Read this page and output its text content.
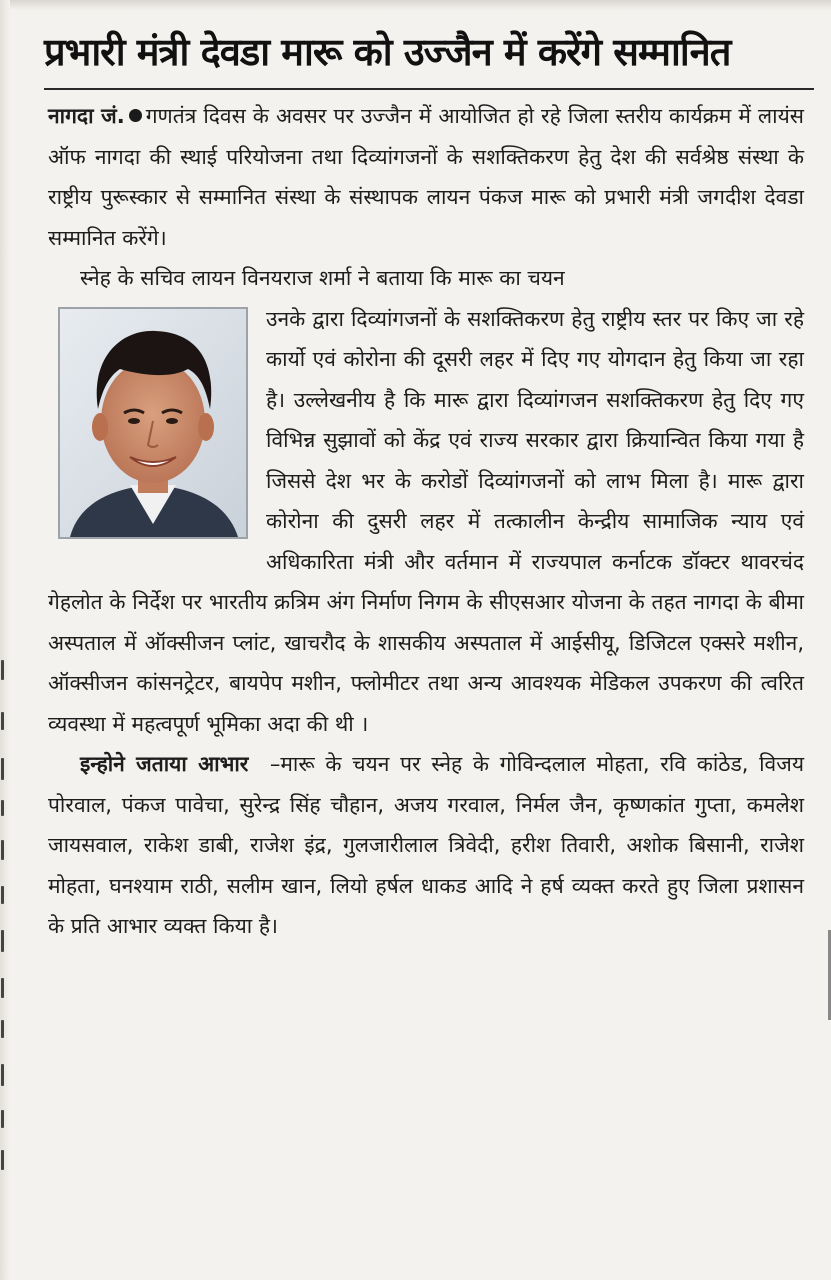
प्रभारी मंत्री देवडा मारू को उज्जैन में करेंगे सम्मानित

नागदा जं. गणतंत्र दिवस के अवसर पर उज्जैन में आयोजित हो रहे जिला स्तरीय कार्यक्रम में लायंस ऑफ नागदा की स्थाई परियोजना तथा दिव्यांगजनों के सशक्तिकरण हेतु देश की सर्वश्रेष्ठ संस्था के राष्ट्रीय पुरूस्कार से सम्मानित संस्था के संस्थापक लायन पंकज मारू को प्रभारी मंत्री जगदीश देवडा सम्मानित करेंगे।

स्नेह के सचिव लायन विनयराज शर्मा ने बताया कि मारू का चयन

उनके द्वारा दिव्यांगजनों के सशक्तिकरण हेतु राष्ट्रीय स्तर पर किए जा रहे कार्यो एवं कोरोना की दूसरी लहर में दिए गए योगदान हेतु किया जा रहा है। उल्लेखनीय है कि मारू द्वारा दिव्यांगजन सशक्तिकरण हेतु दिए गए विभिन्न सुझावों को केंद्र एवं राज्य सरकार द्वारा क्रियान्वित किया गया है जिससे देश भर के करोडों दिव्यांगजनों को लाभ मिला है। मारू द्वारा कोरोना की दुसरी लहर में तत्कालीन केन्द्रीय सामाजिक न्याय एवं अधिकारिता मंत्री और वर्तमान में राज्यपाल कर्नाटक डॉक्टर थावरचंद गेहलोत के निर्देश पर भारतीय क्रत्रिम अंग निर्माण निगम के सीएसआर योजना के तहत नागदा के बीमा अस्पताल में ऑक्सीजन प्लांट, खाचरौद के शासकीय अस्पताल में आईसीयू, डिजिटल एक्सरे मशीन, ऑक्सीजन कांसनट्रेटर, बायपेप मशीन, फ्लोमीटर तथा अन्य आवश्यक मेडिकल उपकरण की त्वरित व्यवस्था में महत्वपूर्ण भूमिका अदा की थी ।

इन्होने जताया आभार –मारू के चयन पर स्नेह के गोविन्दलाल मोहता, रवि कांठेड, विजय पोरवाल, पंकज पावेचा, सुरेन्द्र सिंह चौहान, अजय गरवाल, निर्मल जैन, कृष्णकांत गुप्ता, कमलेश जायसवाल, राकेश डाबी, राजेश इंद्र, गुलजारीलाल त्रिवेदी, हरीश तिवारी, अशोक बिसानी, राजेश मोहता, घनश्याम राठी, सलीम खान, लियो हर्षल धाकड आदि ने हर्ष व्यक्त करते हुए जिला प्रशासन के प्रति आभार व्यक्त किया है।
